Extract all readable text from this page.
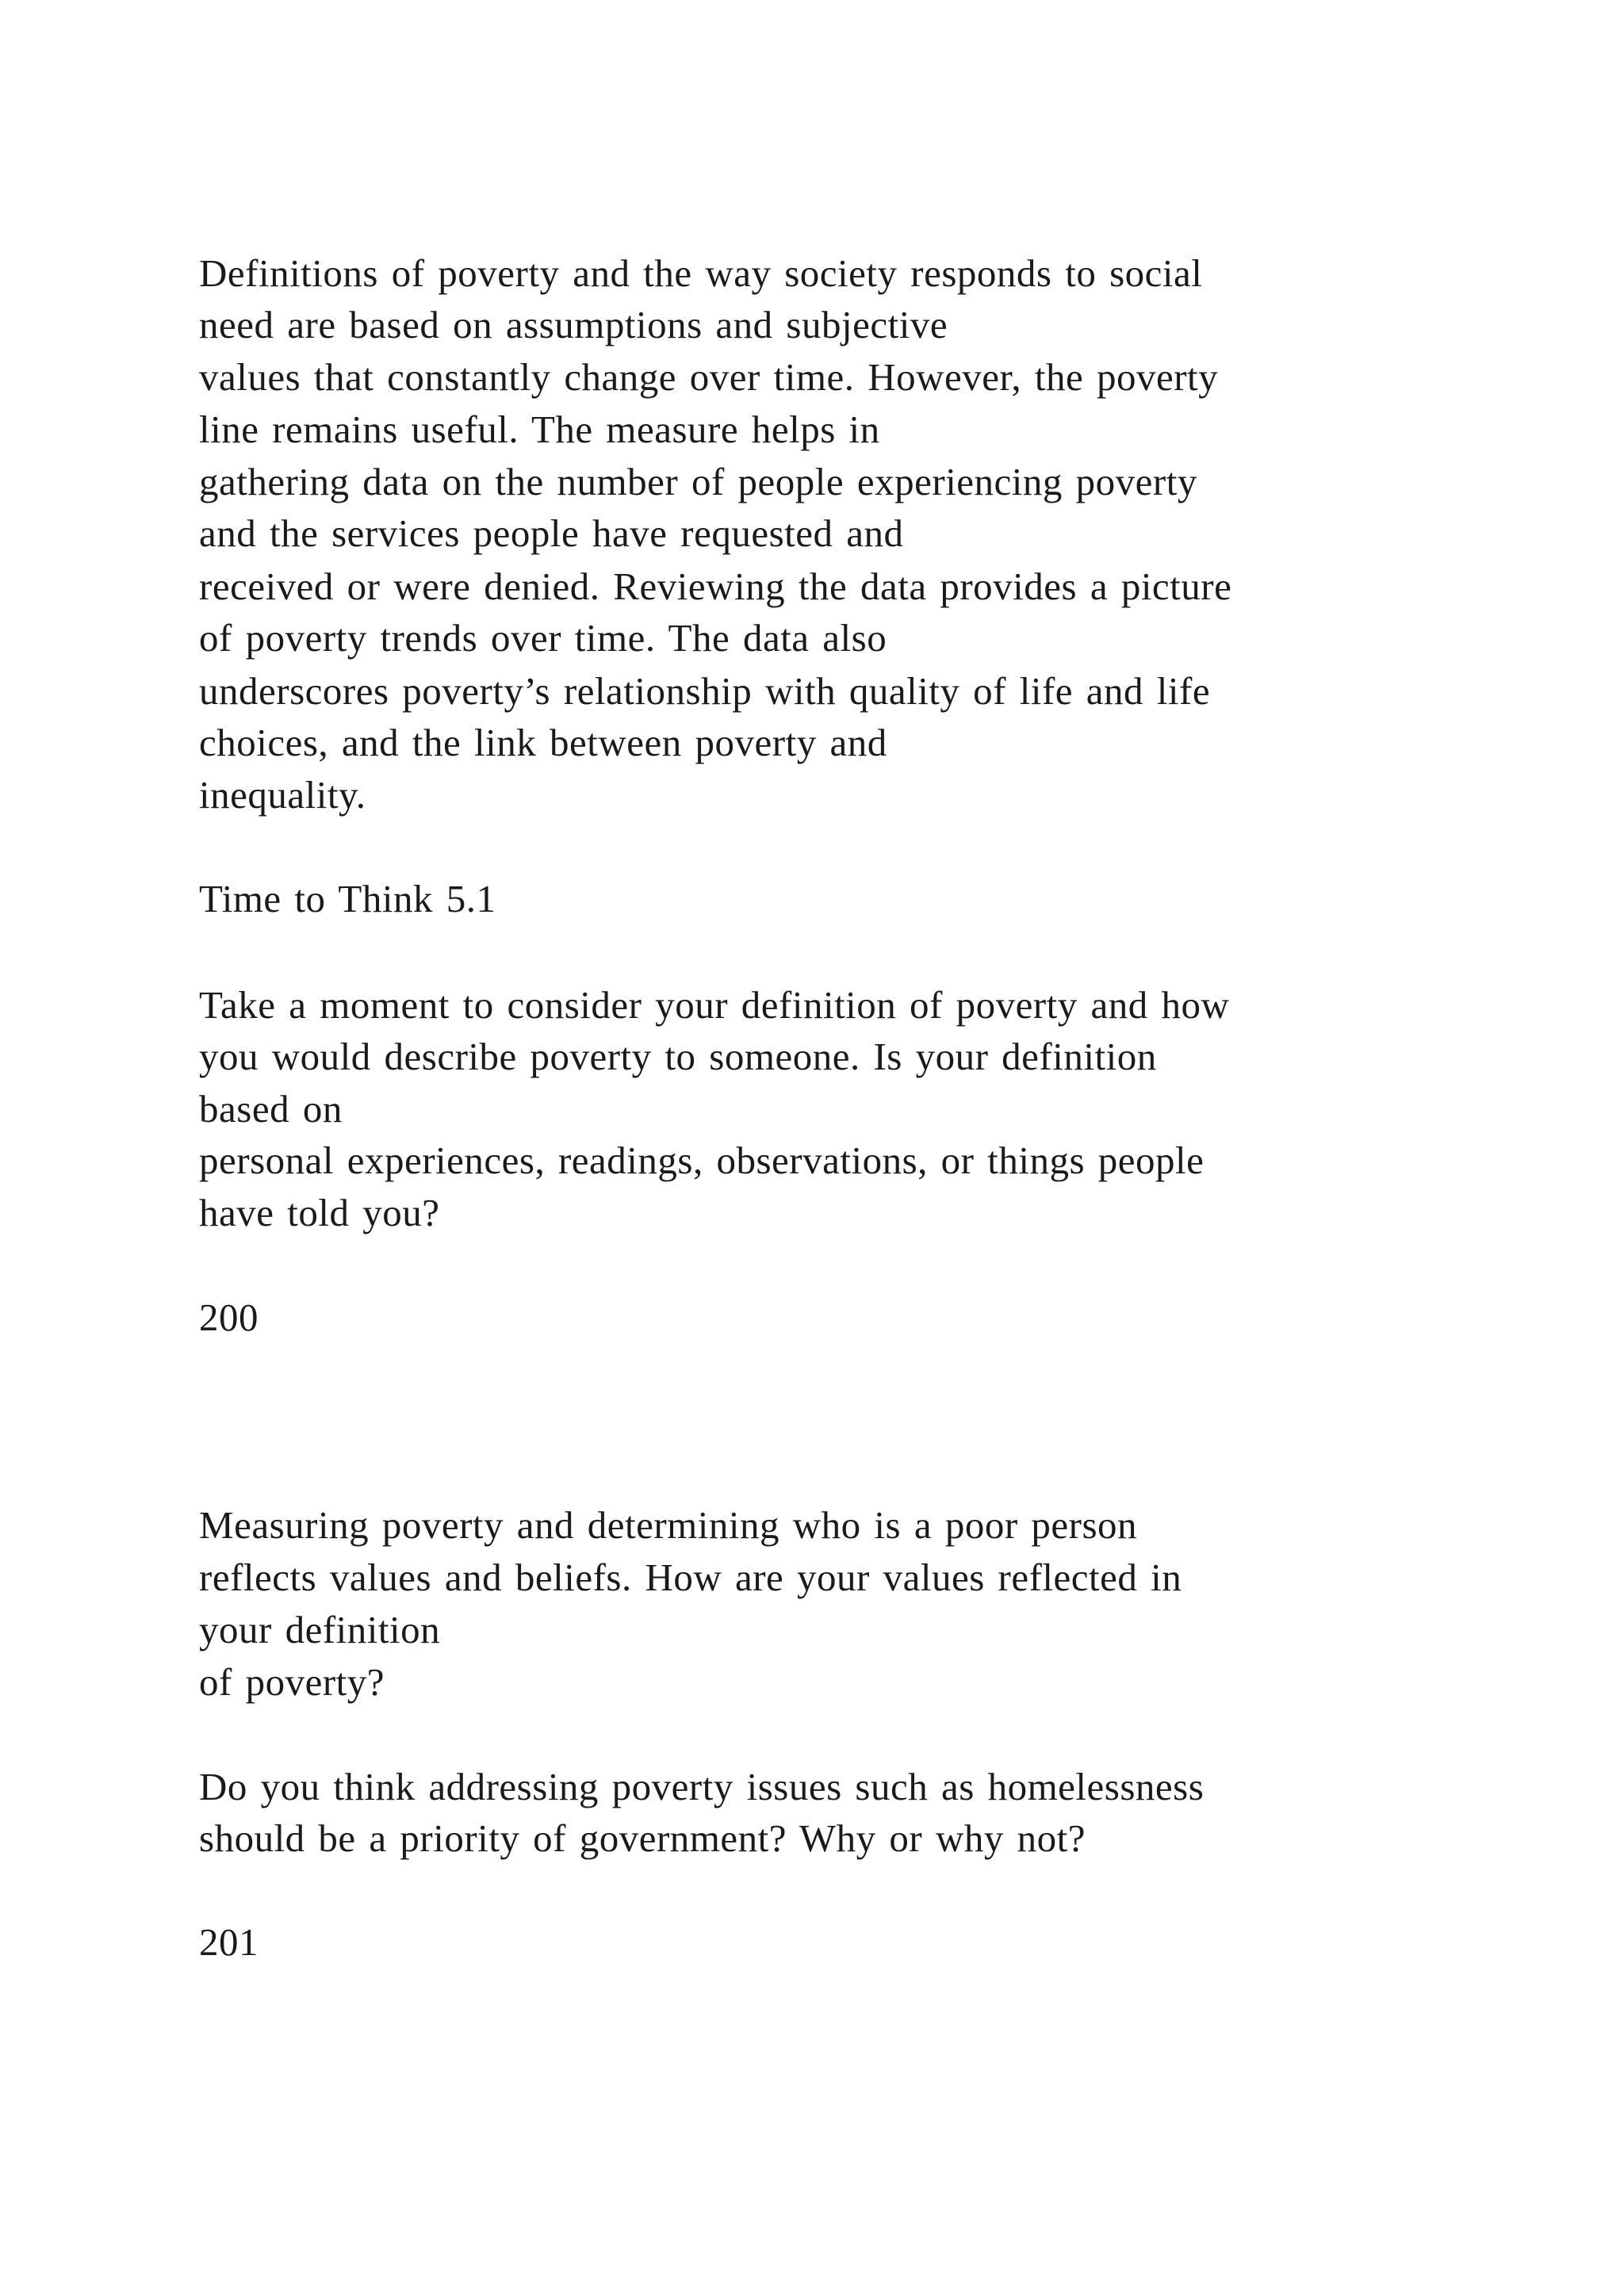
Definitions of poverty and the way society responds to social

need are based on assumptions and subjective

values that constantly change over time. However, the poverty

line remains useful. The measure helps in

gathering data on the number of people experiencing poverty

and the services people have requested and

received or were denied. Reviewing the data provides a picture

of poverty trends over time. The data also

underscores poverty’s relationship with quality of life and life

choices, and the link between poverty and

inequality.

Time to Think 5.1

Take a moment to consider your definition of poverty and how

you would describe poverty to someone. Is your definition

based on

personal experiences, readings, observations, or things people

have told you?

200

Measuring poverty and determining who is a poor person

reflects values and beliefs. How are your values reflected in

your definition

of poverty?

Do you think addressing poverty issues such as homelessness

should be a priority of government? Why or why not?

201
